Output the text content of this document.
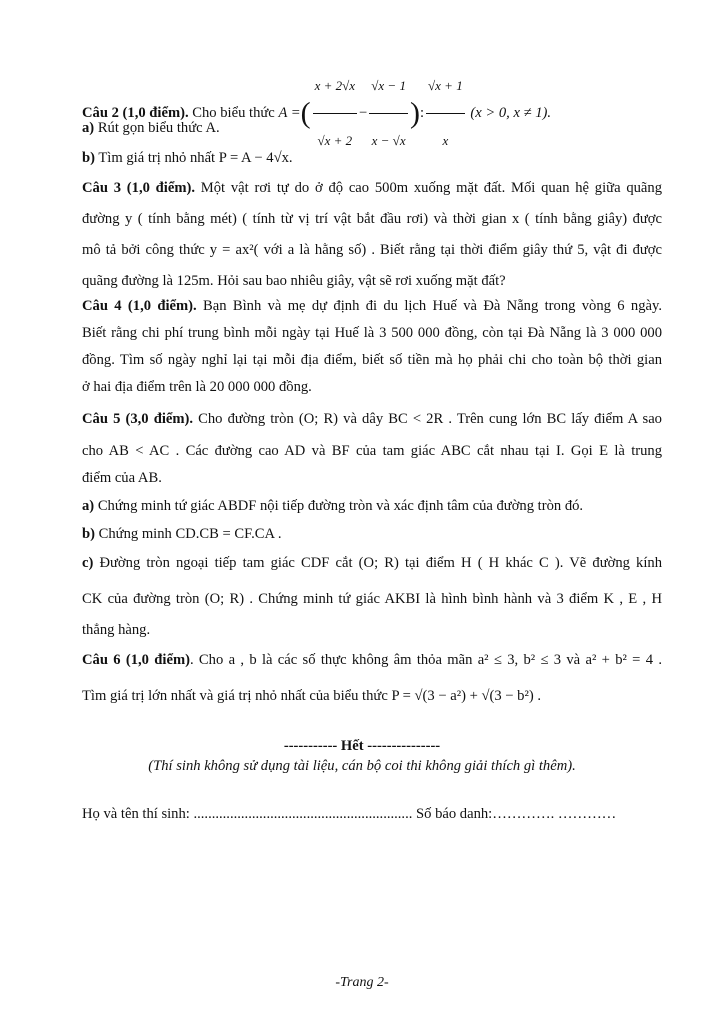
Câu 2 (1,0 điểm). Cho biểu thức A =( $\frac{x + 2√x}{√x + 2} - \frac{√x - 1}{x - √x}$ ): $\frac{√x + 1}{x} (x > 0$, x ≠ 1).
a) Rút gọn biểu thức A.
b) Tìm giá trị nhỏ nhất P = A − 4√x.
Câu 3 (1,0 điểm). Một vật rơi tự do ở độ cao 500m xuống mặt đất. Mối quan hệ giữa quãng
đường y ( tính bằng mét) ( tính từ vị trí vật bắt đầu rơi) và thời gian x ( tính bằng giây) được
mô tả bởi công thức y = ax²( với a là hằng số) . Biết rằng tại thời điểm giây thứ 5, vật đi được
quãng đường là 125m. Hỏi sau bao nhiêu giây, vật sẽ rơi xuống mặt đất?
Câu 4 (1,0 điểm). Bạn Bình và mẹ dự định đi du lịch Huế và Đà Nẵng trong vòng 6 ngày.
Biết rằng chi phí trung bình mỗi ngày tại Huế là 3 500 000 đồng, còn tại Đà Nẵng là 3 000 000
đồng. Tìm số ngày nghỉ lại tại mỗi địa điểm, biết số tiền mà họ phải chi cho toàn bộ thời gian
ở hai địa điểm trên là 20 000 000 đồng.
Câu 5 (3,0 điểm). Cho đường tròn (O; R) và dây BC < 2R . Trên cung lớn BC lấy điểm A sao
cho AB < AC . Các đường cao AD và BF của tam giác ABC cắt nhau tại I. Gọi E là trung
điểm của AB.
a) Chứng minh tứ giác ABDF nội tiếp đường tròn và xác định tâm của đường tròn đó.
b) Chứng minh CD.CB = CF.CA .
c) Đường tròn ngoại tiếp tam giác CDF cắt (O; R) tại điểm H ( H khác C ). Vẽ đường kính
CK của đường tròn (O; R) . Chứng minh tứ giác AKBI là hình bình hành và 3 điểm K , E , H
thẳng hàng.
Câu 6 (1,0 điểm). Cho a , b là các số thực không âm thỏa mãn a² ≤ 3, b² ≤ 3 và a² + b² = 4 .
Tìm giá trị lớn nhất và giá trị nhỏ nhất của biểu thức P = √(3 − a²) + √(3 − b²) .
----------- Hết ---------------
(Thí sinh không sử dụng tài liệu, cán bộ coi thi không giải thích gì thêm).
Họ và tên thí sinh: ............................................................ Số báo danh:…………. …………
-Trang 2-
